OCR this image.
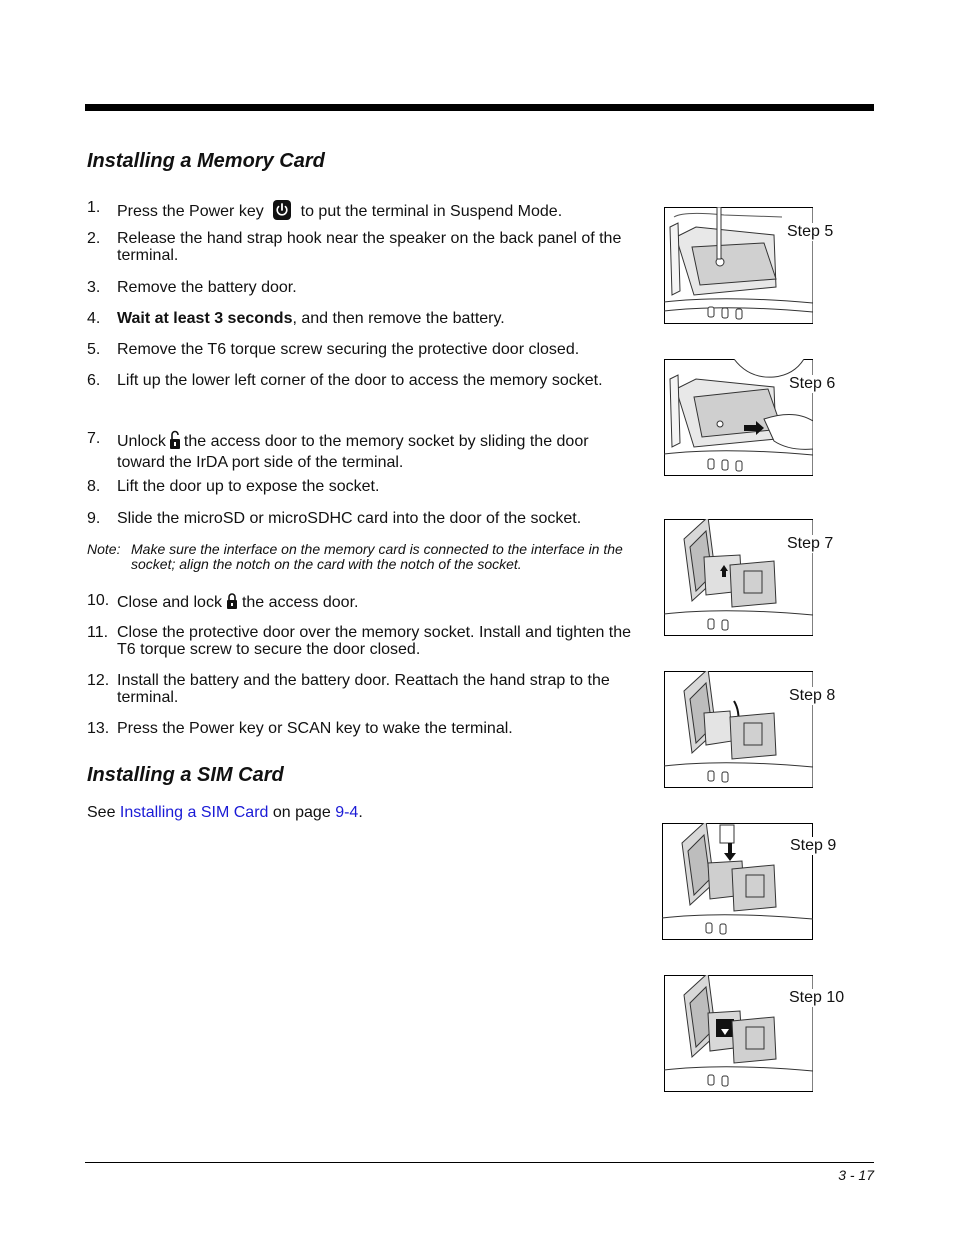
Installing a Memory Card
1. Press the Power key to put the terminal in Suspend Mode.
2. Release the hand strap hook near the speaker on the back panel of the terminal.
3. Remove the battery door.
4. Wait at least 3 seconds, and then remove the battery.
5. Remove the T6 torque screw securing the protective door closed.
6. Lift up the lower left corner of the door to access the memory socket.
7. Unlock the access door to the memory socket by sliding the door toward the IrDA port side of the terminal.
8. Lift the door up to expose the socket.
9. Slide the microSD or microSDHC card into the door of the socket.
Note: Make sure the interface on the memory card is connected to the interface in the socket; align the notch on the card with the notch of the socket.
10. Close and lock the access door.
11. Close the protective door over the memory socket. Install and tighten the T6 torque screw to secure the door closed.
12. Install the battery and the battery door. Reattach the hand strap to the terminal.
13. Press the Power key or SCAN key to wake the terminal.
Installing a SIM Card
See Installing a SIM Card on page 9-4.
Step 5
Step 6
Step 7
Step 8
Step 9
Step 10
3 - 17
